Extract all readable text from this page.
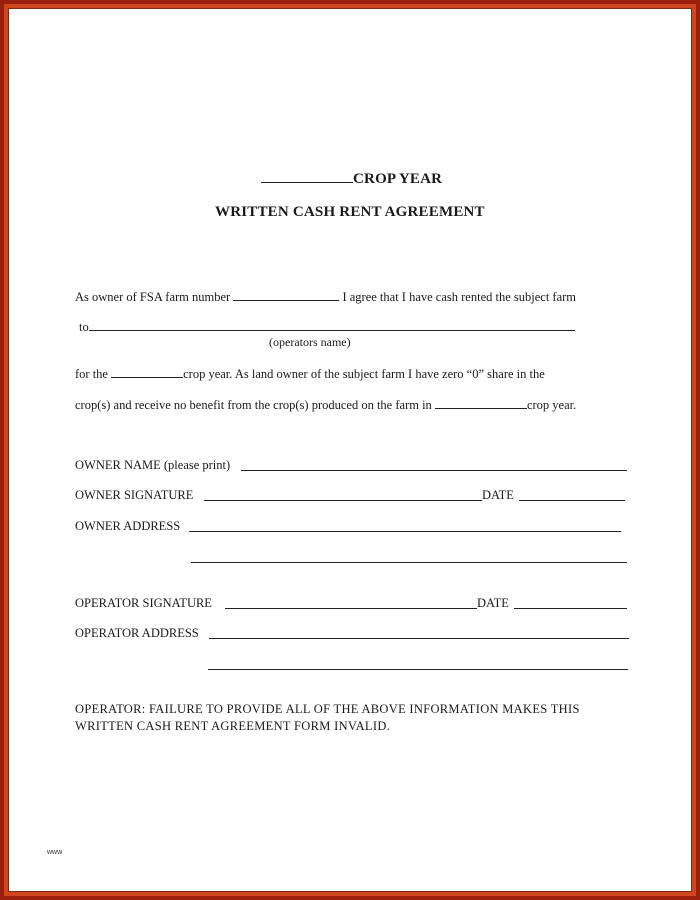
CROP YEAR
WRITTEN CASH RENT AGREEMENT
As owner of FSA farm number	I agree that I have cash rented the subject farm
to
(operators name)
for the	crop year. As land owner of the subject farm I have zero “0” share in the
crop(s) and receive no benefit from the crop(s) produced on the farm in	crop year.
OWNER NAME (please print)
OWNER SIGNATURE	DATE
OWNER ADDRESS
OPERATOR SIGNATURE	DATE
OPERATOR ADDRESS
OPERATOR: FAILURE TO PROVIDE ALL OF THE ABOVE INFORMATION MAKES THIS
WRITTEN CASH RENT AGREEMENT FORM INVALID.
www
